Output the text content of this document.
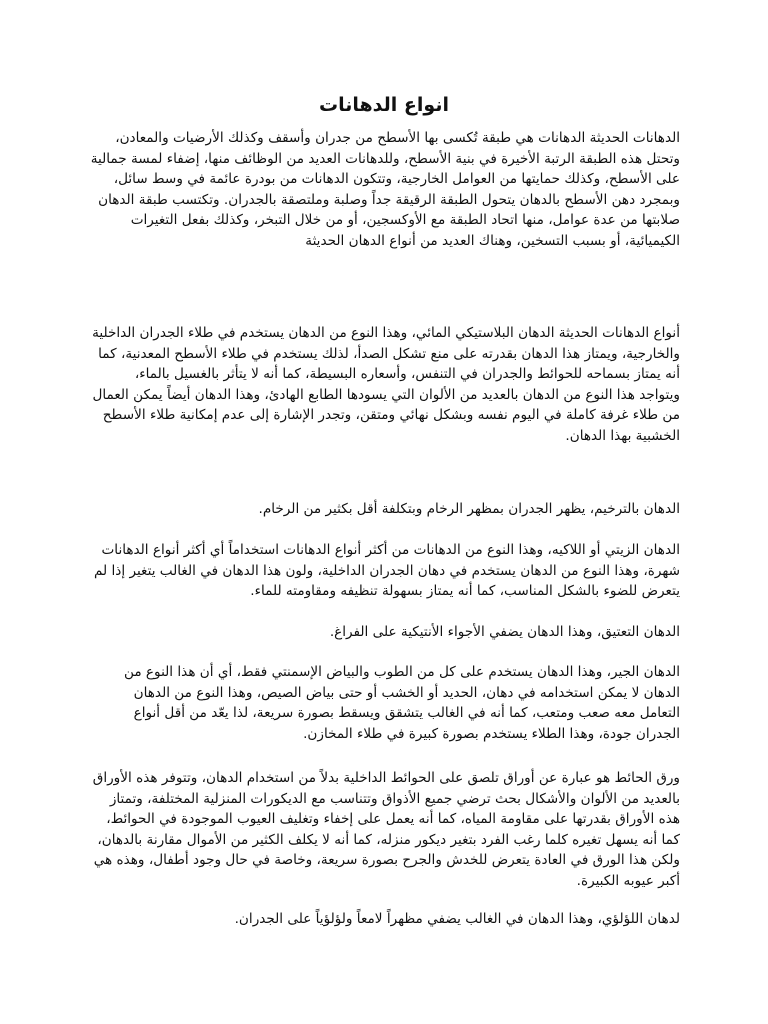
انواع الدهانات

الدهانات الحديثة الدهانات هي طبقة تُكسى بها الأسطح من جدران وأسقف وكذلك الأرضيات والمعادن، وتحتل هذه الطبقة الرتبة الأخيرة في بنية الأسطح، وللدهانات العديد من الوظائف منها، إضفاء لمسة جمالية على الأسطح، وكذلك حمايتها من العوامل الخارجية، وتتكون الدهانات من بودرة عائمة في وسط سائل، وبمجرد دهن الأسطح بالدهان يتحول الطبقة الرقيقة جداً وصلبة وملتصقة بالجدران. وتكتسب طبقة الدهان صلابتها من عدة عوامل، منها اتحاد الطبقة مع الأوكسجين، أو من خلال التبخر، وكذلك بفعل التغيرات الكيميائية، أو بسبب التسخين، وهناك العديد من أنواع الدهان الحديثة

أنواع الدهانات الحديثة الدهان البلاستيكي المائي، وهذا النوع من الدهان يستخدم في طلاء الجدران الداخلية والخارجية، ويمتاز هذا الدهان بقدرته على منع تشكل الصدأ، لذلك يستخدم في طلاء الأسطح المعدنية، كما أنه يمتاز بسماحه للحوائط والجدران في التنفس، وأسعاره البسيطة، كما أنه لا يتأثر بالغسيل بالماء، ويتواجد هذا النوع من الدهان بالعديد من الألوان التي يسودها الطابع الهادئ، وهذا الدهان أيضاً يمكن العمال من طلاء غرفة كاملة في اليوم نفسه وبشكل نهائي ومتقن، وتجدر الإشارة إلى عدم إمكانية طلاء الأسطح الخشبية بهذا الدهان.

الدهان بالترخيم، يظهر الجدران بمظهر الرخام وبتكلفة أقل بكثير من الرخام.

الدهان الزيتي أو اللاكيه، وهذا النوع من الدهانات من أكثر أنواع الدهانات استخداماً أي أكثر أنواع الدهانات شهرة، وهذا النوع من الدهان يستخدم في دهان الجدران الداخلية، ولون هذا الدهان في الغالب يتغير إذا لم يتعرض للضوء بالشكل المناسب، كما أنه يمتاز بسهولة تنظيفه ومقاومته للماء.

الدهان التعتيق، وهذا الدهان يضفي الأجواء الأنتيكية على الفراغ.

الدهان الجير، وهذا الدهان يستخدم على كل من الطوب والبياض الإسمنتي فقط، أي أن هذا النوع من الدهان لا يمكن استخدامه في دهان، الحديد أو الخشب أو حتى بياض الصيص، وهذا النوع من الدهان التعامل معه صعب ومتعب، كما أنه في الغالب يتشقق ويسقط بصورة سريعة، لذا يعّد من أقل أنواع الجدران جودة، وهذا الطلاء يستخدم بصورة كبيرة في طلاء المخازن.

ورق الحائط هو عبارة عن أوراق تلصق على الحوائط الداخلية بدلاً من استخدام الدهان، وتتوفر هذه الأوراق بالعديد من الألوان والأشكال بحث ترضي جميع الأذواق وتتناسب مع الديكورات المنزلية المختلفة، وتمتاز هذه الأوراق بقدرتها على مقاومة المياه، كما أنه يعمل على إخفاء وتغليف العيوب الموجودة في الحوائط، كما أنه يسهل تغيره كلما رغب الفرد بتغير ديكور منزله، كما أنه لا يكلف الكثير من الأموال مقارنة بالدهان، ولكن هذا الورق في العادة يتعرض للخدش والجرح بصورة سريعة، وخاصة في حال وجود أطفال، وهذه هي أكبر عيوبه الكبيرة.

لدهان اللؤلؤي، وهذا الدهان في الغالب يضفي مظهراً لامعاً ولؤلؤياً على الجدران.
